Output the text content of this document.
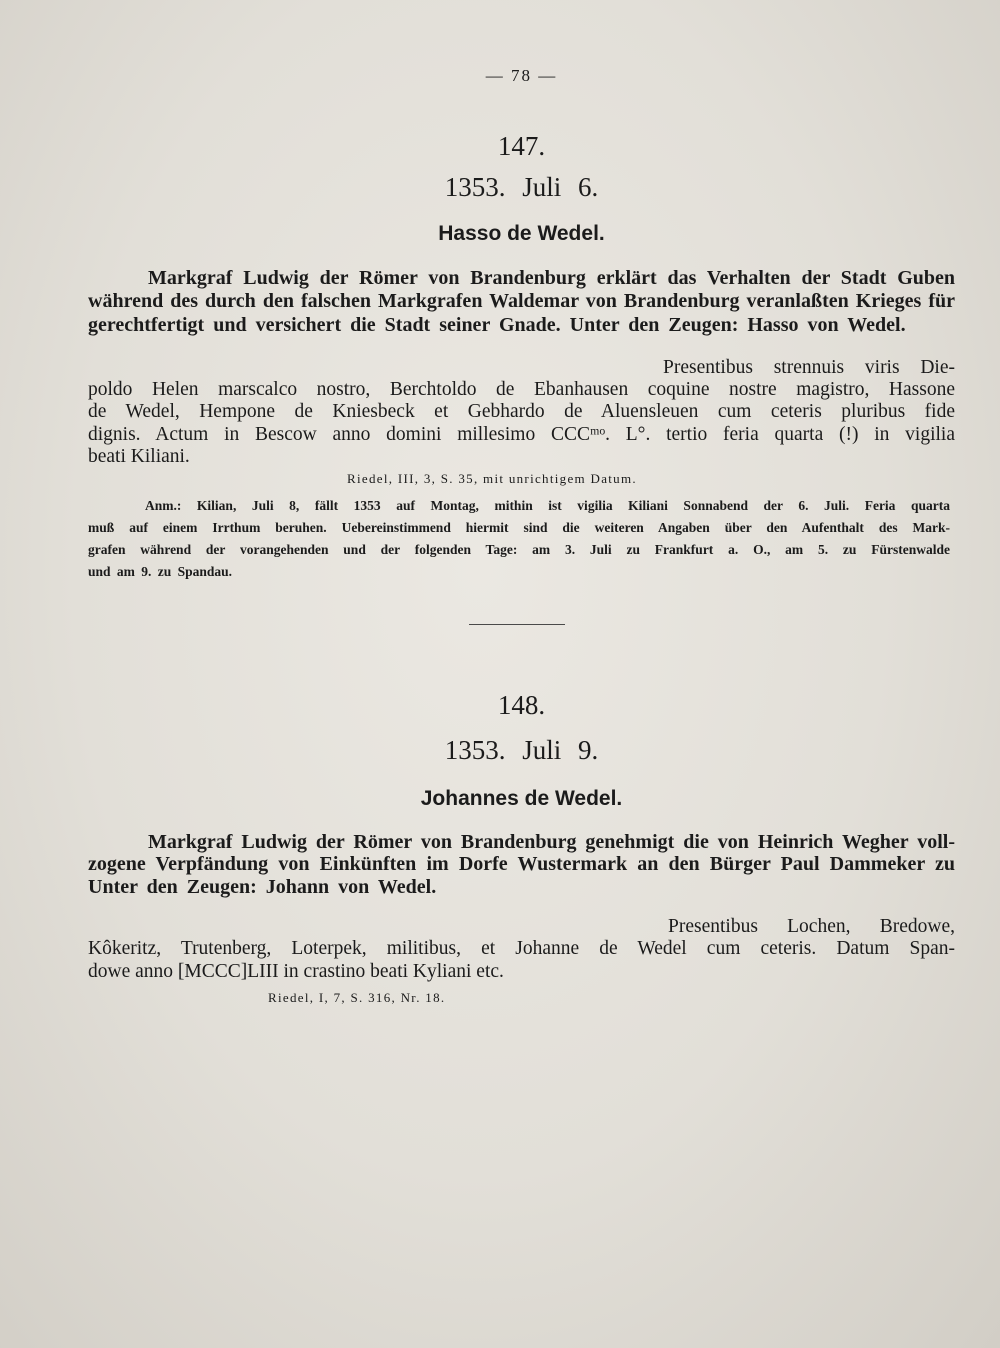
— 78 —
147.
1353. Juli 6.
Hasso de Wedel.
Markgraf Ludwig der Römer von Brandenburg erklärt das Verhalten der Stadt Guben
während des durch den falschen Markgrafen Waldemar von Brandenburg veranlaßten Krieges für
gerechtfertigt und versichert die Stadt seiner Gnade. Unter den Zeugen: Hasso von Wedel.
Presentibus strennuis viris Die-
poldo Helen marscalco nostro, Berchtoldo de Ebanhausen coquine nostre magistro, Hassone
de Wedel, Hempone de Kniesbeck et Gebhardo de Aluensleuen cum ceteris pluribus fide
dignis. Actum in Bescow anno domini millesimo CCCᵐᵒ. L°. tertio feria quarta (!) in vigilia
beati Kiliani.
Riedel, III, 3, S. 35, mit unrichtigem Datum.
Anm.: Kilian, Juli 8, fällt 1353 auf Montag, mithin ist vigilia Kiliani Sonnabend der 6. Juli. Feria quarta
muß auf einem Irrthum beruhen. Uebereinstimmend hiermit sind die weiteren Angaben über den Aufenthalt des Mark-
grafen während der vorangehenden und der folgenden Tage: am 3. Juli zu Frankfurt a. O., am 5. zu Fürstenwalde
und am 9. zu Spandau.
148.
1353. Juli 9.
Johannes de Wedel.
Markgraf Ludwig der Römer von Brandenburg genehmigt die von Heinrich Wegher voll-
zogene Verpfändung von Einkünften im Dorfe Wustermark an den Bürger Paul Dammeker zu
Unter den Zeugen: Johann von Wedel.
Presentibus Lochen, Bredowe,
Kôkeritz, Trutenberg, Loterpek, militibus, et Johanne de Wedel cum ceteris. Datum Span-
dowe anno [MCCC]LIII in crastino beati Kyliani etc.
Riedel, I, 7, S. 316, Nr. 18.
